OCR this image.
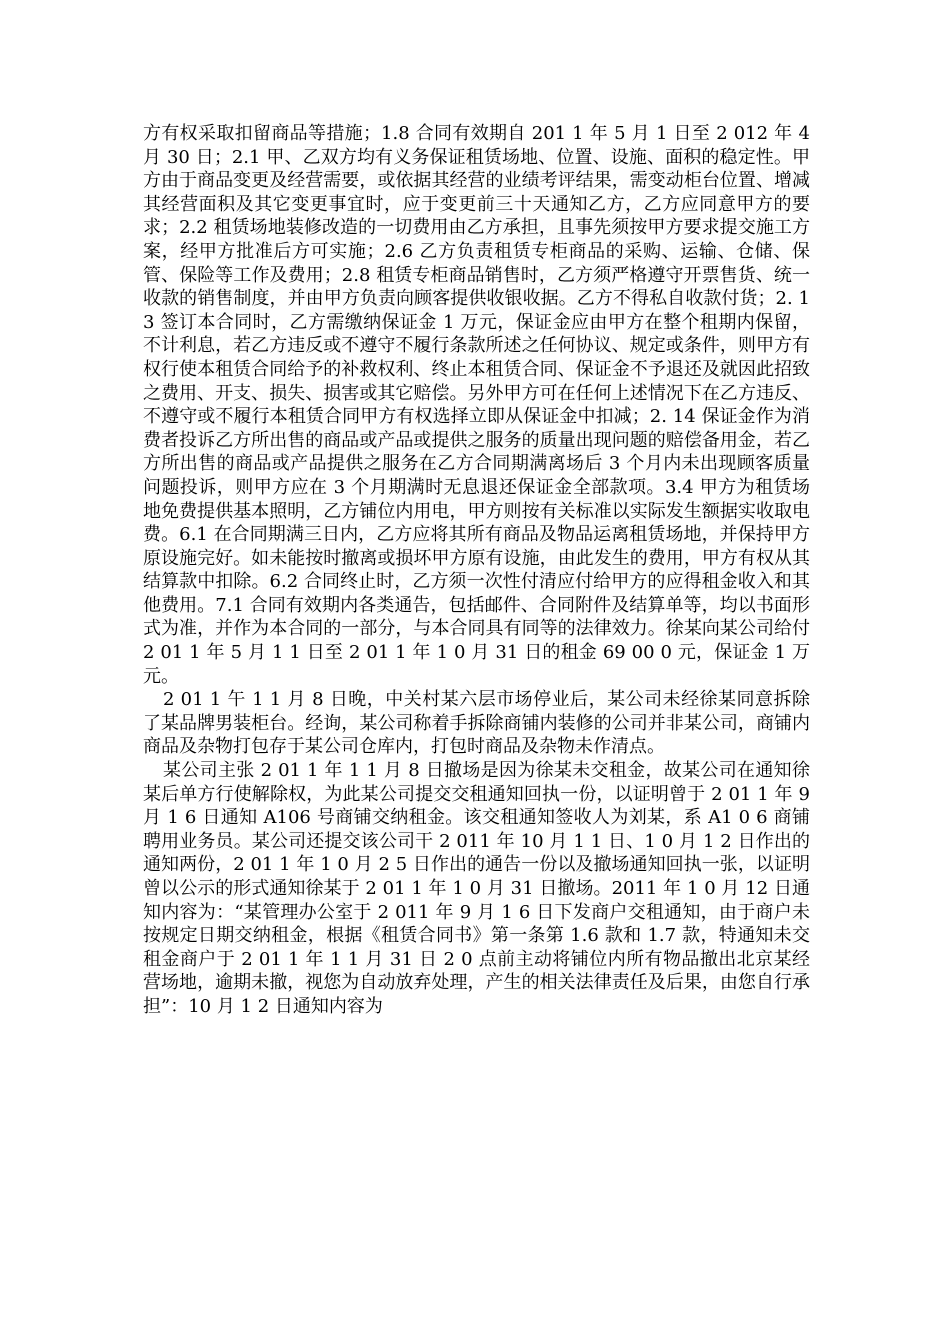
方有权采取扣留商品等措施；1.8 合同有效期自 201 1 年 5 月 1 日至 2 012 年 4 月 30 日；2.1 甲、乙双方均有义务保证租赁场地、位置、设施、面积的稳定性。甲方由于商品变更及经营需要，或依据其经营的业绩考评结果，需变动柜台位置、增减其经营面积及其它变更事宜时，应于变更前三十天通知乙方，乙方应同意甲方的要求；2.2 租赁场地装修改造的一切费用由乙方承担，且事先须按甲方要求提交施工方案，经甲方批准后方可实施；2.6 乙方负责租赁专柜商品的采购、运输、仓储、保管、保险等工作及费用；2.8 租赁专柜商品销售时，乙方须严格遵守开票售货、统一收款的销售制度，并由甲方负责向顾客提供收银收据。乙方不得私自收款付货；2. 13 签订本合同时，乙方需缴纳保证金 1 万元，保证金应由甲方在整个租期内保留，不计利息，若乙方违反或不遵守不履行条款所述之任何协议、规定或条件，则甲方有权行使本租赁合同给予的补救权利、终止本租赁合同、保证金不予退还及就因此招致之费用、开支、损失、损害或其它赔偿。另外甲方可在任何上述情况下在乙方违反、不遵守或不履行本租赁合同甲方有权选择立即从保证金中扣减；2. 14 保证金作为消费者投诉乙方所出售的商品或产品或提供之服务的质量出现问题的赔偿备用金，若乙方所出售的商品或产品提供之服务在乙方合同期满离场后 3 个月内未出现顾客质量问题投诉，则甲方应在 3 个月期满时无息退还保证金全部款项。3.4 甲方为租赁场地免费提供基本照明，乙方铺位内用电，甲方则按有关标准以实际发生额据实收取电费。6.1 在合同期满三日内，乙方应将其所有商品及物品运离租赁场地，并保持甲方原设施完好。如未能按时撤离或损坏甲方原有设施，由此发生的费用，甲方有权从其结算款中扣除。6.2 合同终止时，乙方须一次性付清应付给甲方的应得租金收入和其他费用。7.1 合同有效期内各类通告，包括邮件、合同附件及结算单等，均以书面形式为准，并作为本合同的一部分，与本合同具有同等的法律效力。徐某向某公司给付 2 01 1 年 5 月 1 1 日至 2 01 1 年 1 0 月 31 日的租金 69 00 0 元，保证金 1 万元。

2 01 1 午 1 1 月 8 日晚，中关村某六层市场停业后，某公司未经徐某同意拆除了某品牌男装柜台。经询，某公司称着手拆除商铺内装修的公司并非某公司，商铺内商品及杂物打包存于某公司仓库内，打包时商品及杂物未作清点。

某公司主张 2 01 1 年 1 1 月 8 日撤场是因为徐某未交租金，故某公司在通知徐某后单方行使解除权，为此某公司提交交租通知回执一份，以证明曾于 2 01 1 年 9 月 1 6 日通知 A106 号商铺交纳租金。该交租通知签收人为刘某，系 A1 0 6 商铺聘用业务员。某公司还提交该公司干 2 011 年 10 月 1 1 日、1 0 月 1 2 日作出的通知两份，2 01 1 年 1 0 月 2 5 日作出的通告一份以及撤场通知回执一张，以证明曾以公示的形式通知徐某于 2 01 1 年 1 0 月 31 日撤场。2011 年 1 0 月 12 日通知内容为：“某管理办公室于 2 011 年 9 月 1 6 日下发商户交租通知，由于商户未按规定日期交纳租金，根据《租赁合同书》第一条第 1.6 款和 1.7 款，特通知未交租金商户于 2 01 1 年 1 1 月 31 日 2 0 点前主动将铺位内所有物品撤出北京某经营场地，逾期未撤，视您为自动放弃处理，产生的相关法律责任及后果，由您自行承担”：10 月 1 2 日通知内容为
